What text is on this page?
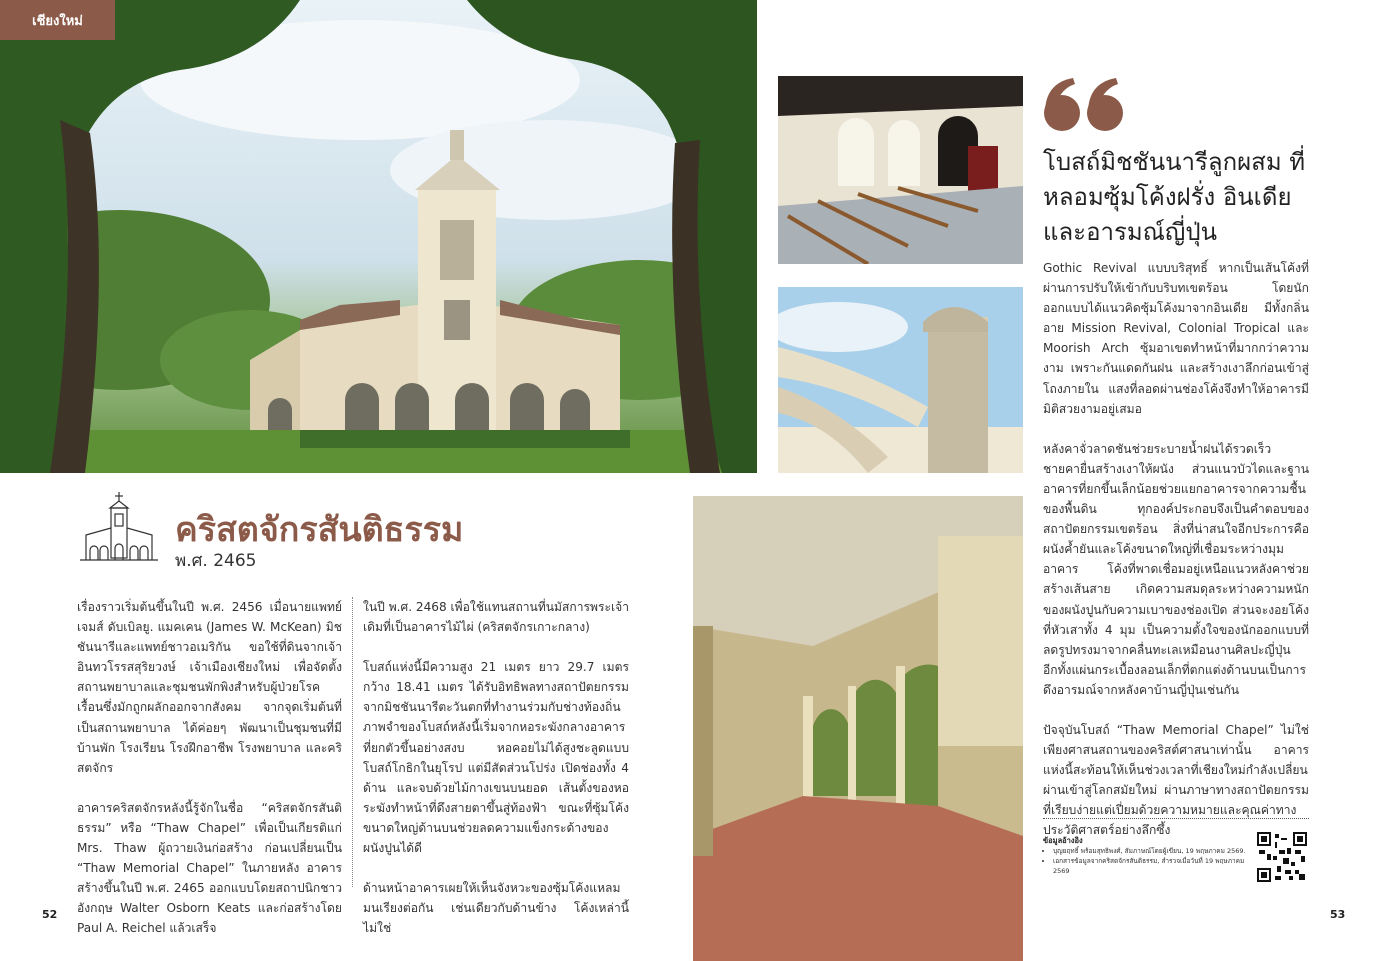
เชียงใหม่
คริสตจักรสันติธรรม
พ.ศ. 2465

เรื่องราวเริ่มต้นขึ้นในปี พ.ศ. 2456 เมื่อนายแพทย์เจมส์ ดับเบิลยู. แมคเคน (James W. McKean) มิชชันนารีและแพทย์ชาวอเมริกัน ขอใช้ที่ดินจากเจ้าอินทวโรรสสุริยวงษ์ เจ้าเมืองเชียงใหม่ เพื่อจัดตั้งสถานพยาบาลและชุมชนพักพิงสำหรับผู้ป่วยโรคเรื้อนซึ่งมักถูกผลักออกจากสังคม จากจุดเริ่มต้นที่เป็นสถานพยาบาล ได้ค่อยๆ พัฒนาเป็นชุมชนที่มีบ้านพัก โรงเรียน โรงฝึกอาชีพ โรงพยาบาล และคริสตจักร

อาคารคริสตจักรหลังนี้รู้จักในชื่อ “คริสตจักรสันติธรรม” หรือ “Thaw Chapel” เพื่อเป็นเกียรติแก่ Mrs. Thaw ผู้ถวายเงินก่อสร้าง ก่อนเปลี่ยนเป็น “Thaw Memorial Chapel” ในภายหลัง อาคารสร้างขึ้นในปี พ.ศ. 2465 ออกแบบโดยสถาปนิกชาวอังกฤษ Walter Osborn Keats และก่อสร้างโดย Paul A. Reichel แล้วเสร็จ

ในปี พ.ศ. 2468 เพื่อใช้แทนสถานที่นมัสการพระเจ้าเดิมที่เป็นอาคารไม้ไผ่ (คริสตจักรเกาะกลาง)

โบสถ์แห่งนี้มีความสูง 21 เมตร ยาว 29.7 เมตร กว้าง 18.41 เมตร ได้รับอิทธิพลทางสถาปัตยกรรมจากมิชชันนารีตะวันตกที่ทำงานร่วมกับช่างท้องถิ่น ภาพจำของโบสถ์หลังนี้เริ่มจากหอระฆังกลางอาคารที่ยกตัวขึ้นอย่างสงบ หอคอยไม่ได้สูงชะลูดแบบโบสถ์โกธิกในยุโรป แต่มีสัดส่วนโปร่ง เปิดช่องทั้ง 4 ด้าน และจบด้วยไม้กางเขนบนยอด เส้นตั้งของหอระฆังทำหน้าที่ดึงสายตาขึ้นสู่ท้องฟ้า ขณะที่ซุ้มโค้งขนาดใหญ่ด้านบนช่วยลดความแข็งกระด้างของผนังปูนได้ดี

ด้านหน้าอาคารเผยให้เห็นจังหวะของซุ้มโค้งแหลมมนเรียงต่อกัน เช่นเดียวกับด้านข้าง โค้งเหล่านี้ไม่ใช่

52
โบสถ์มิชชันนารีลูกผสม ที่หลอมซุ้มโค้งฝรั่ง อินเดีย และอารมณ์ญี่ปุ่น

Gothic Revival แบบบริสุทธิ์ หากเป็นเส้นโค้งที่ผ่านการปรับให้เข้ากับบริบทเขตร้อน โดยนักออกแบบได้แนวคิดซุ้มโค้งมาจากอินเดีย มีทั้งกลิ่นอาย Mission Revival, Colonial Tropical และ Moorish Arch ซุ้มอาเขตทำหน้าที่มากกว่าความงาม เพราะกันแดดกันฝน และสร้างเงาลึกก่อนเข้าสู่โถงภายใน แสงที่ลอดผ่านช่องโค้งจึงทำให้อาคารมีมิติสวยงามอยู่เสมอ

หลังคาจั่วลาดชันช่วยระบายน้ำฝนได้รวดเร็ว ชายคายื่นสร้างเงาให้ผนัง ส่วนแนวบัวไดและฐานอาคารที่ยกขึ้นเล็กน้อยช่วยแยกอาคารจากความชื้นของพื้นดิน ทุกองค์ประกอบจึงเป็นคำตอบของสถาปัตยกรรมเขตร้อน สิ่งที่น่าสนใจอีกประการคือผนังค้ำยันและโค้งขนาดใหญ่ที่เชื่อมระหว่างมุมอาคาร โค้งที่พาดเชื่อมอยู่เหนือแนวหลังคาช่วยสร้างเส้นสาย เกิดความสมดุลระหว่างความหนักของผนังปูนกับความเบาของช่องเปิด ส่วนจะงอยโค้งที่หัวเสาทั้ง 4 มุม เป็นความตั้งใจของนักออกแบบที่ลดรูปทรงมาจากคลื่นทะเลเหมือนงานศิลปะญี่ปุ่น อีกทั้งแผ่นกระเบื้องลอนเล็กที่ตกแต่งด้านบนเป็นการดึงอารมณ์จากหลังคาบ้านญี่ปุ่นเช่นกัน

ปัจจุบันโบสถ์ “Thaw Memorial Chapel” ไม่ใช่เพียงศาสนสถานของคริสต์ศาสนาเท่านั้น อาคารแห่งนี้สะท้อนให้เห็นช่วงเวลาที่เชียงใหม่กำลังเปลี่ยนผ่านเข้าสู่โลกสมัยใหม่ ผ่านภาษาทางสถาปัตยกรรมที่เรียบง่ายแต่เปี่ยมด้วยความหมายและคุณค่าทางประวัติศาสตร์อย่างลึกซึ้ง

ข้อมูลอ้างอิง
• บุญยฤทธิ์ พร้อมสุทธิพงศ์, สัมภาษณ์โดยผู้เขียน, 19 พฤษภาคม 2569.
• เอกสารข้อมูลจากคริสตจักรสันติธรรม, สำรวจเมื่อวันที่ 19 พฤษภาคม 2569
53
